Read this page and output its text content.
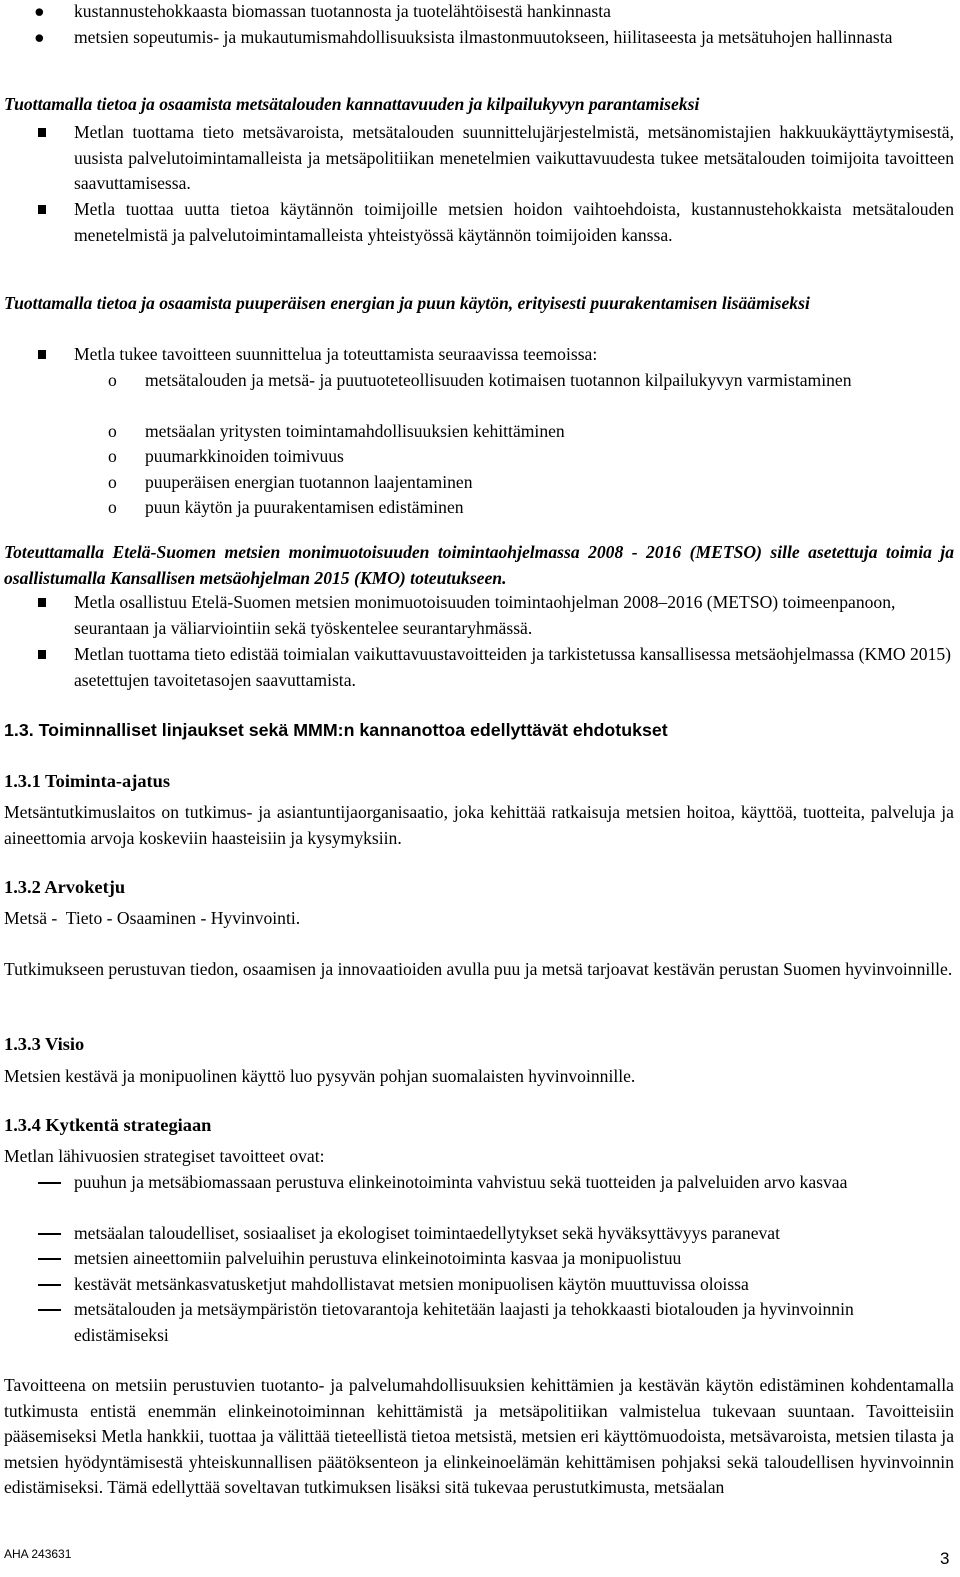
● kustannustehokkaasta biomassan tuotannosta ja tuotelähtöisestä hankinnasta
● metsien sopeutumis- ja mukautumismahdollisuuksista ilmastonmuutokseen, hiilitaseesta ja metsätuhojen hallinnasta

Tuottamalla tietoa ja osaamista metsätalouden kannattavuuden ja kilpailukyvyn parantamiseksi

Metlan tuottama tieto metsävaroista, metsätalouden suunnittelujärjestelmistä, metsänomistajien hakkuukäyttäytymisestä, uusista palvelutoimintamalleista ja metsäpolitiikan menetelmien vaikuttavuudesta tukee metsätalouden toimijoita tavoitteen saavuttamisessa.
Metla tuottaa uutta tietoa käytännön toimijoille metsien hoidon vaihtoehdoista, kustannustehokkaista metsätalouden menetelmistä ja palvelutoimintamalleista yhteistyössä käytännön toimijoiden kanssa.

Tuottamalla tietoa ja osaamista puuperäisen energian ja puun käytön, erityisesti puurakentamisen lisäämiseksi

Metla tukee tavoitteen suunnittelua ja toteuttamista seuraavissa teemoissa:
o metsätalouden ja metsä- ja puutuoteteollisuuden kotimaisen tuotannon kilpailukyvyn varmistaminen
o metsäalan yritysten toimintamahdollisuuksien kehittäminen
o puumarkkinoiden toimivuus
o puuperäisen energian tuotannon laajentaminen
o puun käytön ja puurakentamisen edistäminen

Toteuttamalla Etelä-Suomen metsien monimuotoisuuden toimintaohjelmassa 2008 - 2016 (METSO) sille asetettuja toimia ja osallistumalla Kansallisen metsäohjelman 2015 (KMO) toteutukseen.

Metla osallistuu Etelä-Suomen metsien monimuotoisuuden toimintaohjelman 2008–2016 (METSO) toimeenpanoon, seurantaan ja väliarviointiin sekä työskentelee seurantaryhmässä.
Metlan tuottama tieto edistää toimialan vaikuttavuustavoitteiden ja tarkistetussa kansallisessa metsäohjelmassa (KMO 2015) asetettujen tavoitetasojen saavuttamista.

1.3. Toiminnalliset linjaukset sekä MMM:n kannanottoa edellyttävät ehdotukset

1.3.1 Toiminta-ajatus

Metsäntutkimuslaitos on tutkimus- ja asiantuntijaorganisaatio, joka kehittää ratkaisuja metsien hoitoa, käyttöä, tuotteita, palveluja ja aineettomia arvoja koskeviin haasteisiin ja kysymyksiin.

1.3.2 Arvoketju

Metsä -  Tieto - Osaaminen - Hyvinvointi.

Tutkimukseen perustuvan tiedon, osaamisen ja innovaatioiden avulla puu ja metsä tarjoavat kestävän perustan Suomen hyvinvoinnille.

1.3.3 Visio

Metsien kestävä ja monipuolinen käyttö luo pysyvän pohjan suomalaisten hyvinvoinnille.

1.3.4 Kytkentä strategiaan

Metlan lähivuosien strategiset tavoitteet ovat:

puuhun ja metsäbiomassaan perustuva elinkeinotoiminta vahvistuu sekä tuotteiden ja palveluiden arvo kasvaa
metsäalan taloudelliset, sosiaaliset ja ekologiset toimintaedellytykset sekä hyväksyttävyys paranevat
metsien aineettomiin palveluihin perustuva elinkeinotoiminta kasvaa ja monipuolistuu
kestävät metsänkasvatusketjut mahdollistavat metsien monipuolisen käytön muuttuvissa oloissa
metsätalouden ja metsäympäristön tietovarantoja kehitetään laajasti ja tehokkaasti biotalouden ja hyvinvoinnin edistämiseksi

Tavoitteena on metsiin perustuvien tuotanto- ja palvelumahdollisuuksien kehittämien ja kestävän käytön edistäminen kohdentamalla tutkimusta entistä enemmän elinkeinotoiminnan kehittämistä ja metsäpolitiikan valmistelua tukevaan suuntaan. Tavoitteisiin pääsemiseksi Metla hankkii, tuottaa ja välittää tieteellistä tietoa metsistä, metsien eri käyttömuodoista, metsävaroista, metsien tilasta ja metsien hyödyntämisestä yhteiskunnallisen päätöksenteon ja elinkeinoelämän kehittämisen pohjaksi sekä taloudellisen hyvinvoinnin edistämiseksi. Tämä edellyttää soveltavan tutkimuksen lisäksi sitä tukevaa perustutkimusta, metsäalan

AHA 243631	3
